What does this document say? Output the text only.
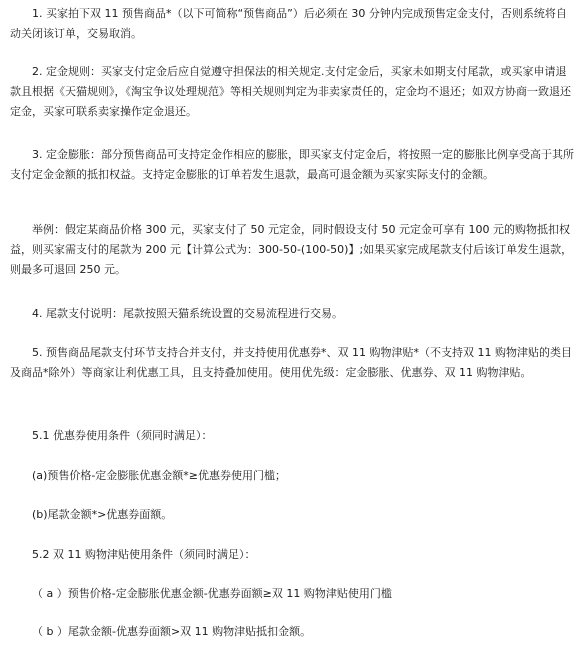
1. 买家拍下双 11 预售商品*（以下可简称“预售商品”）后必须在 30 分钟内完成预售定金支付，否则系统将自动关闭该订单，交易取消。

2. 定金规则：买家支付定金后应自觉遵守担保法的相关规定.支付定金后，买家未如期支付尾款，或买家申请退款且根据《天猫规则》，《淘宝争议处理规范》等相关规则判定为非卖家责任的，定金均不退还；如双方协商一致退还定金，买家可联系卖家操作定金退还。

3. 定金膨胀：部分预售商品可支持定金作相应的膨胀，即买家支付定金后，将按照一定的膨胀比例享受高于其所支付定金金额的抵扣权益。支持定金膨胀的订单若发生退款，最高可退金额为买家实际支付的金额。

举例：假定某商品价格 300 元，买家支付了 50 元定金，同时假设支付 50 元定金可享有 100 元的购物抵扣权益，则买家需支付的尾款为 200 元【计算公式为：300-50-(100-50)】;如果买家完成尾款支付后该订单发生退款，则最多可退回 250 元。

4. 尾款支付说明：尾款按照天猫系统设置的交易流程进行交易。

5. 预售商品尾款支付环节支持合并支付，并支持使用优惠券*、双 11 购物津贴*（不支持双 11 购物津贴的类目及商品*除外）等商家让利优惠工具，且支持叠加使用。使用优先级：定金膨胀、优惠券、双 11 购物津贴。

5.1 优惠券使用条件（须同时满足）：

(a)预售价格-定金膨胀优惠金额*≥优惠券使用门槛；

(b)尾款金额*>优惠券面额。

5.2 双 11 购物津贴使用条件（须同时满足）：

（ a ）预售价格-定金膨胀优惠金额-优惠券面额≥双 11 购物津贴使用门槛

（ b ）尾款金额-优惠券面额>双 11 购物津贴抵扣金额。
